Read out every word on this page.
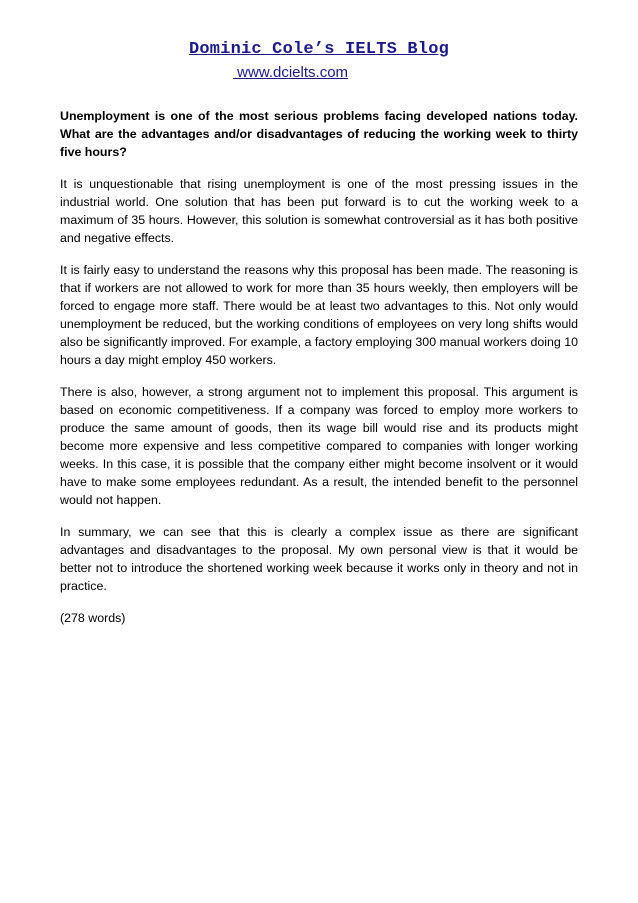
Dominic Cole’s IELTS Blog
www.dcielts.com

Unemployment is one of the most serious problems facing developed nations today. What are the advantages and/or disadvantages of reducing the working week to thirty five hours?

It is unquestionable that rising unemployment is one of the most pressing issues in the industrial world. One solution that has been put forward is to cut the working week to a maximum of 35 hours. However, this solution is somewhat controversial as it has both positive and negative effects.

It is fairly easy to understand the reasons why this proposal has been made. The reasoning is that if workers are not allowed to work for more than 35 hours weekly, then employers will be forced to engage more staff. There would be at least two advantages to this. Not only would unemployment be reduced, but the working conditions of employees on very long shifts would also be significantly improved. For example, a factory employing 300 manual workers doing 10 hours a day might employ 450 workers.

There is also, however, a strong argument not to implement this proposal. This argument is based on economic competitiveness. If a company was forced to employ more workers to produce the same amount of goods, then its wage bill would rise and its products might become more expensive and less competitive compared to companies with longer working weeks. In this case, it is possible that the company either might become insolvent or it would have to make some employees redundant. As a result, the intended benefit to the personnel would not happen.

In summary, we can see that this is clearly a complex issue as there are significant advantages and disadvantages to the proposal. My own personal view is that it would be better not to introduce the shortened working week because it works only in theory and not in practice.

(278 words)
